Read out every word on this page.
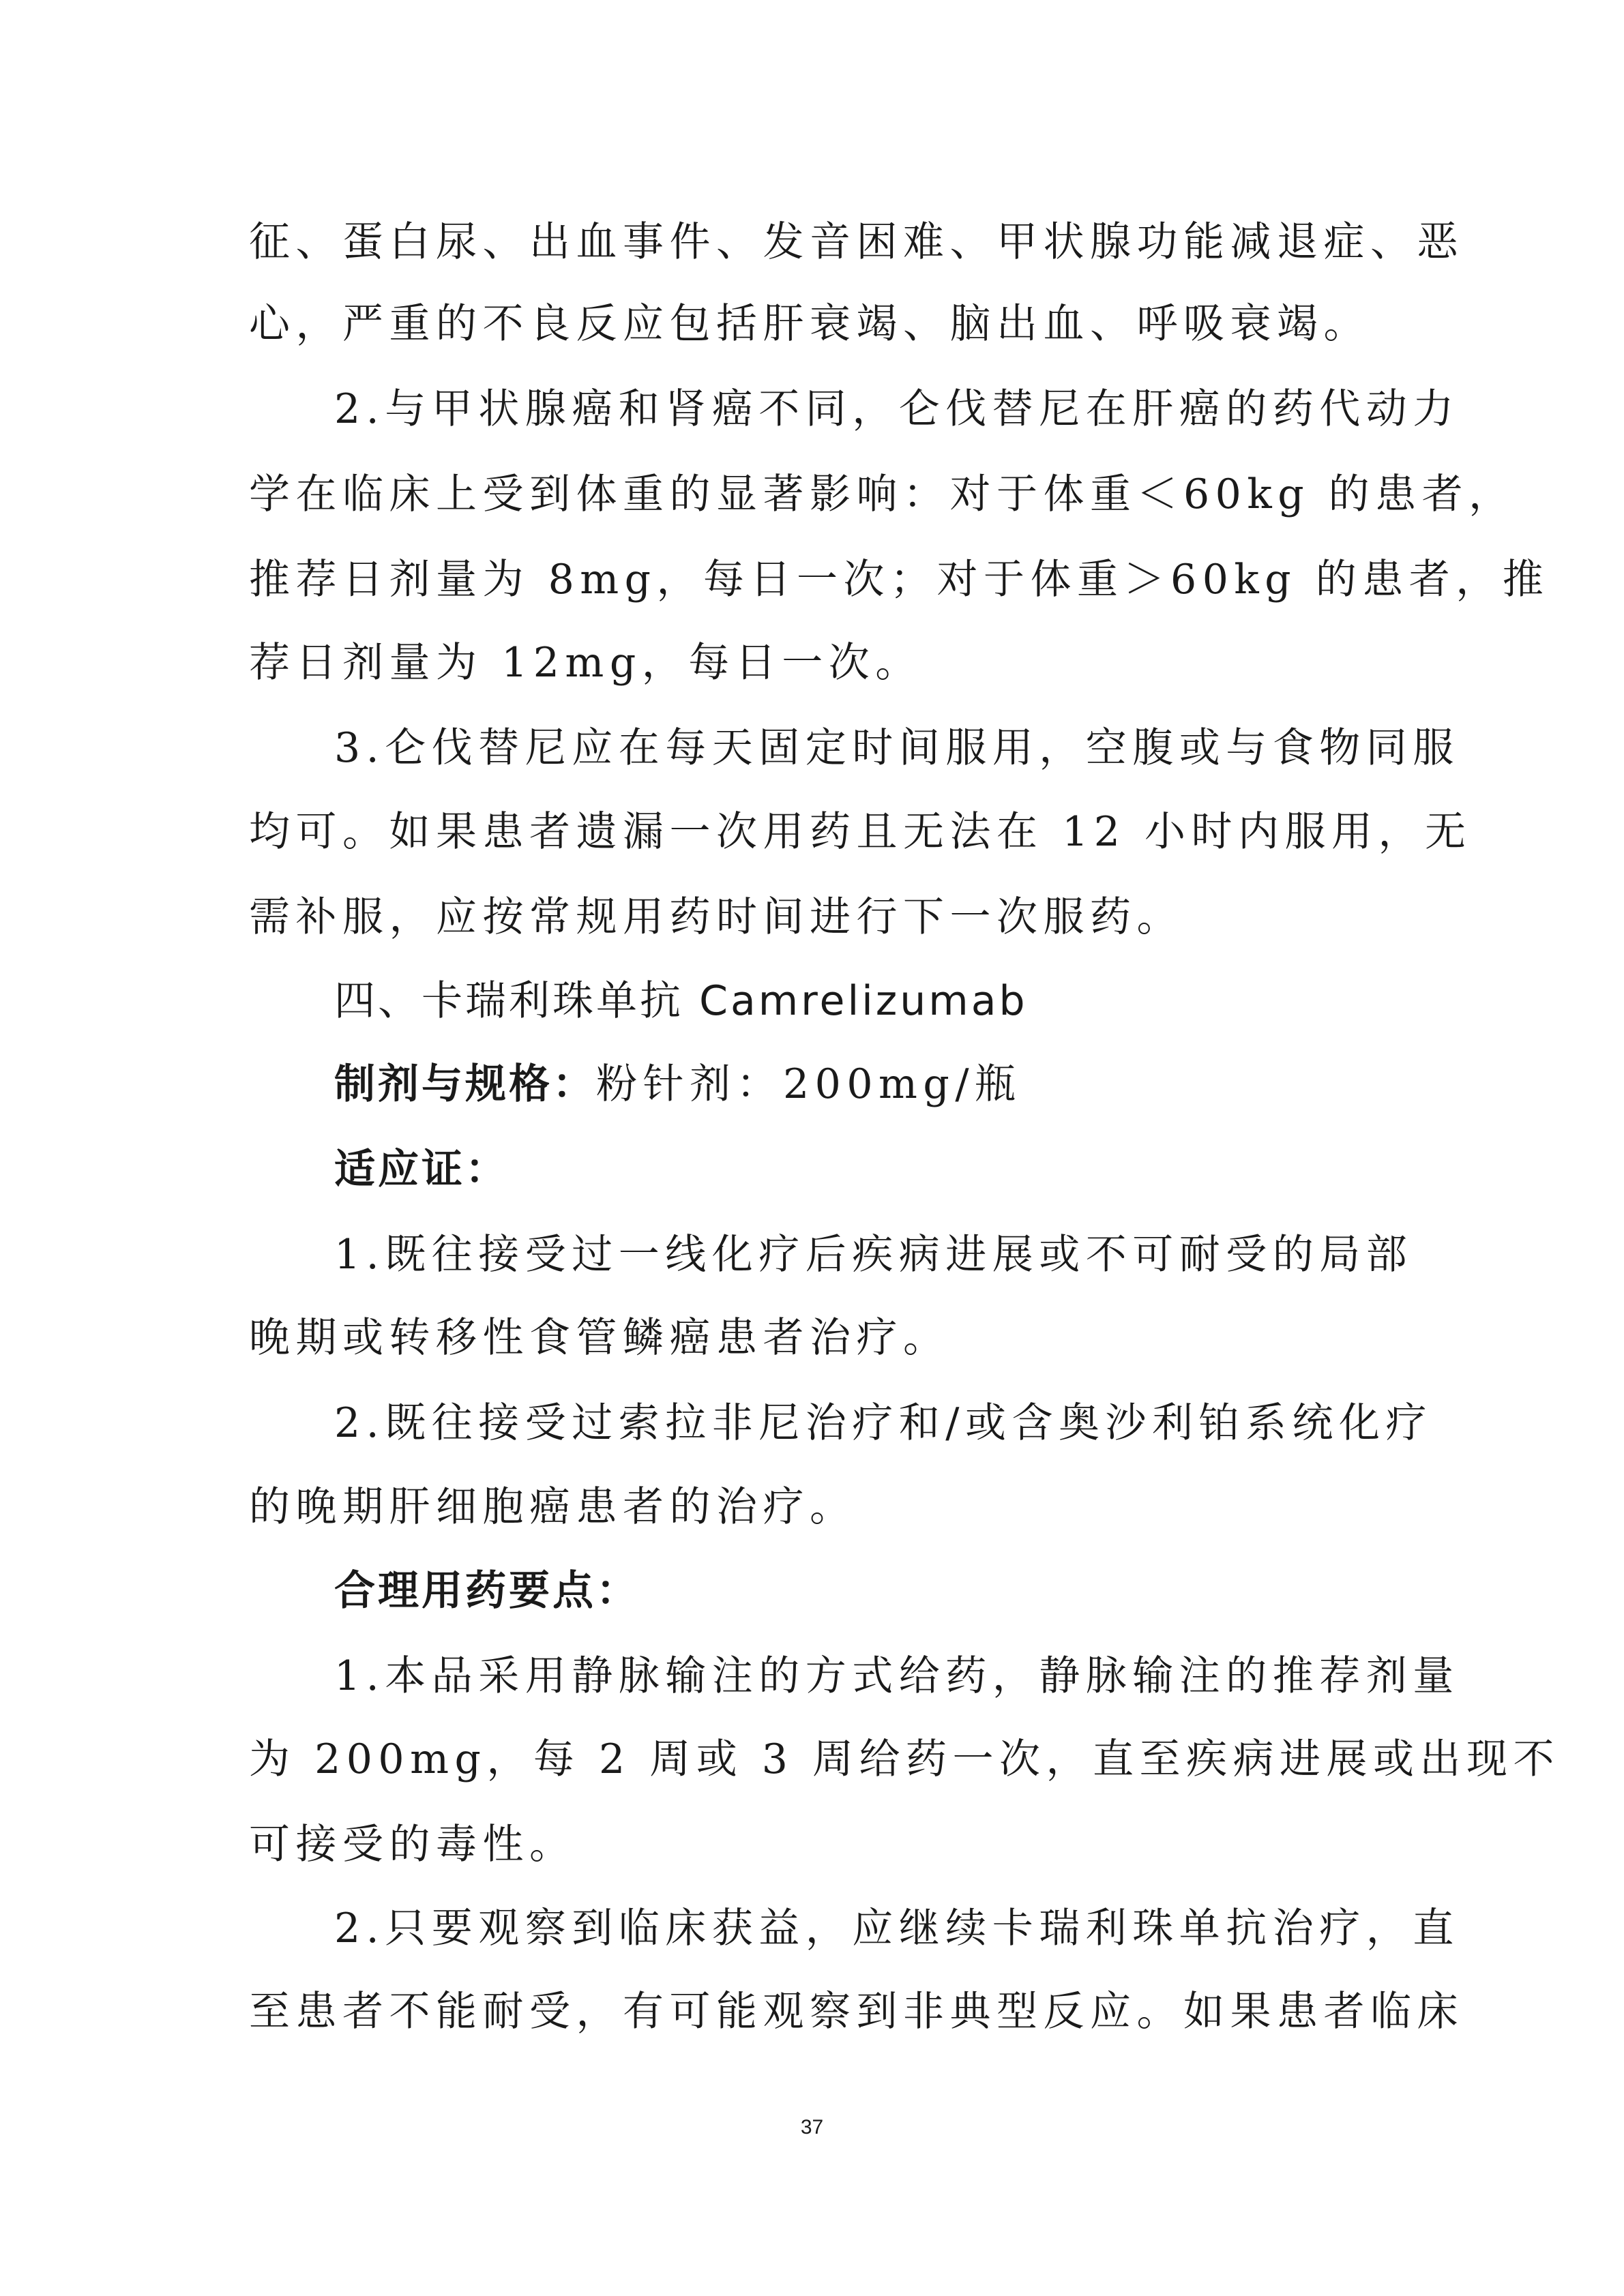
征、蛋白尿、出血事件、发音困难、甲状腺功能减退症、恶
心，严重的不良反应包括肝衰竭、脑出血、呼吸衰竭。
2.与甲状腺癌和肾癌不同，仑伐替尼在肝癌的药代动力
学在临床上受到体重的显著影响：对于体重＜60kg 的患者，
推荐日剂量为 8mg，每日一次；对于体重＞60kg 的患者，推
荐日剂量为 12mg，每日一次。
3.仑伐替尼应在每天固定时间服用，空腹或与食物同服
均可。如果患者遗漏一次用药且无法在 12 小时内服用，无
需补服，应按常规用药时间进行下一次服药。
四、卡瑞利珠单抗 Camrelizumab
制剂与规格：粉针剂：200mg/瓶
适应证：
1.既往接受过一线化疗后疾病进展或不可耐受的局部
晚期或转移性食管鳞癌患者治疗。
2.既往接受过索拉非尼治疗和/或含奥沙利铂系统化疗
的晚期肝细胞癌患者的治疗。
合理用药要点：
1.本品采用静脉输注的方式给药，静脉输注的推荐剂量
为 200mg，每 2 周或 3 周给药一次，直至疾病进展或出现不
可接受的毒性。
2.只要观察到临床获益，应继续卡瑞利珠单抗治疗，直
至患者不能耐受，有可能观察到非典型反应。如果患者临床
37
